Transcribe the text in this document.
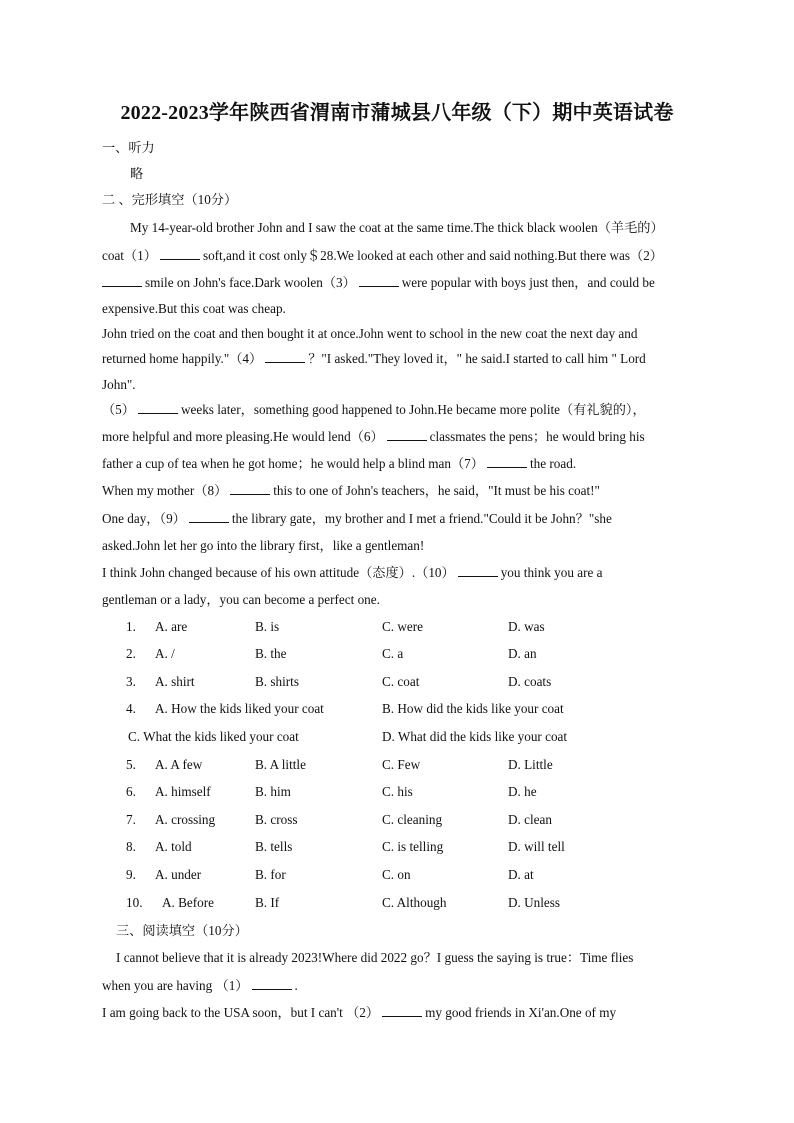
2022-2023学年陕西省渭南市蒲城县八年级（下）期中英语试卷
一、听力
略
二 、完形填空（10分）
My 14-year-old brother John and I saw the coat at the same time.The thick black woolen（羊毛的）
coat（1）	soft,and it cost only＄28.We looked at each other and said nothing.But there was（2）
smile on John's face.Dark woolen（3）	were popular with boys just then，and could be
expensive.But this coat was cheap.
John tried on the coat and then bought it at once.John went to school in the new coat the next day and
returned home happily."（4）	？"I asked."They loved it，" he said.I started to call him " Lord
John".
（5）	weeks later，something good happened to John.He became more polite（有礼貌的），
more helpful and more pleasing.He would lend（6）	classmates the pens；he would bring his
father a cup of tea when he got home；he would help a blind man（7）	the road.
When my mother（8）	this to one of John's teachers，he said，"It must be his coat!"
One day，（9）	the library gate，my brother and I met a friend."Could it be John？"she
asked.John let her go into the library first，like a gentleman!
I think John changed because of his own attitude（态度）.（10）	you think you are a
gentleman or a lady，you can become a perfect one.
1. A. are	B. is	C. were	D. was
2. A. /	B. the	C. a	D. an
3. A. shirt	B. shirts	C. coat	D. coats
4. A. How the kids liked your coat	B. How did the kids like your coat
C. What the kids liked your coat	D. What did the kids like your coat
5. A. A few	B. A little	C. Few	D. Little
6. A. himself	B. him	C. his	D. he
7. A. crossing	B. cross	C. cleaning	D. clean
8. A. told	B. tells	C. is telling	D. will tell
9. A. under	B. for	C. on	D. at
10. A. Before	B. If	C. Although	D. Unless
三、阅读填空（10分）
I cannot believe that it is already 2023!Where did 2022 go？I guess the saying is true：Time flies
when you are having （1）	.
I am going back to the USA soon，but I can't （2）	my good friends in Xi'an.One of my
